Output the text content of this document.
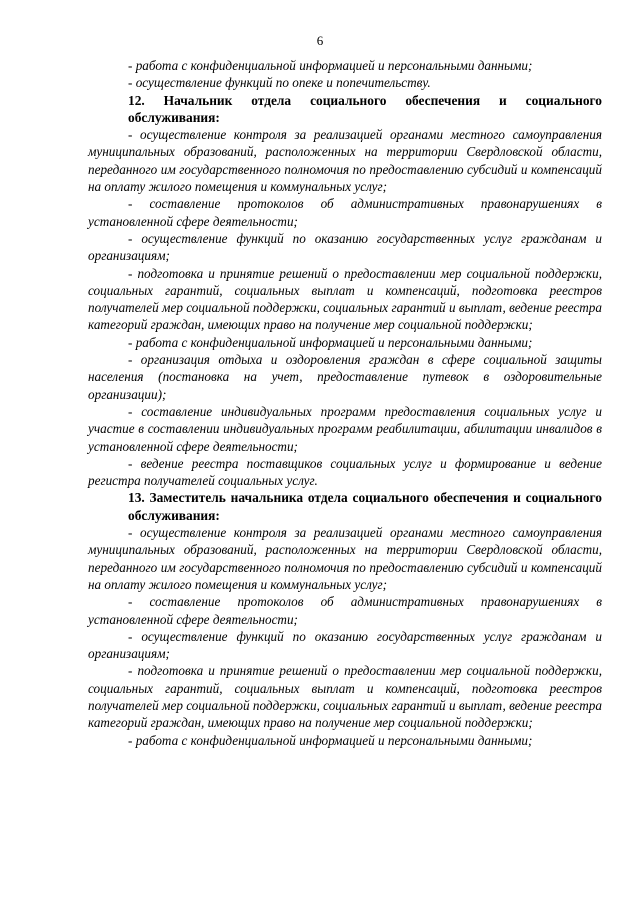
6

- работа с конфиденциальной информацией и персональными данными;

- осуществление функций по опеке и попечительству.

12. Начальник отдела социального обеспечения и социального обслуживания:

- осуществление контроля за реализацией органами местного самоуправления муниципальных образований, расположенных на территории Свердловской области, переданного им государственного полномочия по предоставлению субсидий и компенсаций на оплату жилого помещения и коммунальных услуг;

- составление протоколов об административных правонарушениях в установленной сфере деятельности;

- осуществление функций по оказанию государственных услуг гражданам и организациям;

- подготовка и принятие решений о предоставлении мер социальной поддержки, социальных гарантий, социальных выплат и компенсаций, подготовка реестров получателей мер социальной поддержки, социальных гарантий и выплат, ведение реестра категорий граждан, имеющих право на получение мер социальной поддержки;

- работа с конфиденциальной информацией и персональными данными;

- организация отдыха и оздоровления граждан в сфере социальной защиты населения (постановка на учет, предоставление путевок в оздоровительные организации);

- составление индивидуальных программ предоставления социальных услуг и участие в составлении индивидуальных программ реабилитации, абилитации инвалидов в установленной сфере деятельности;

- ведение реестра поставщиков социальных услуг и формирование и ведение регистра получателей социальных услуг.

13. Заместитель начальника отдела социального обеспечения и социального обслуживания:

- осуществление контроля за реализацией органами местного самоуправления муниципальных образований, расположенных на территории Свердловской области, переданного им государственного полномочия по предоставлению субсидий и компенсаций на оплату жилого помещения и коммунальных услуг;

- составление протоколов об административных правонарушениях в установленной сфере деятельности;

- осуществление функций по оказанию государственных услуг гражданам и организациям;

- подготовка и принятие решений о предоставлении мер социальной поддержки, социальных гарантий, социальных выплат и компенсаций, подготовка реестров получателей мер социальной поддержки, социальных гарантий и выплат, ведение реестра категорий граждан, имеющих право на получение мер социальной поддержки;

- работа с конфиденциальной информацией и персональными данными;
